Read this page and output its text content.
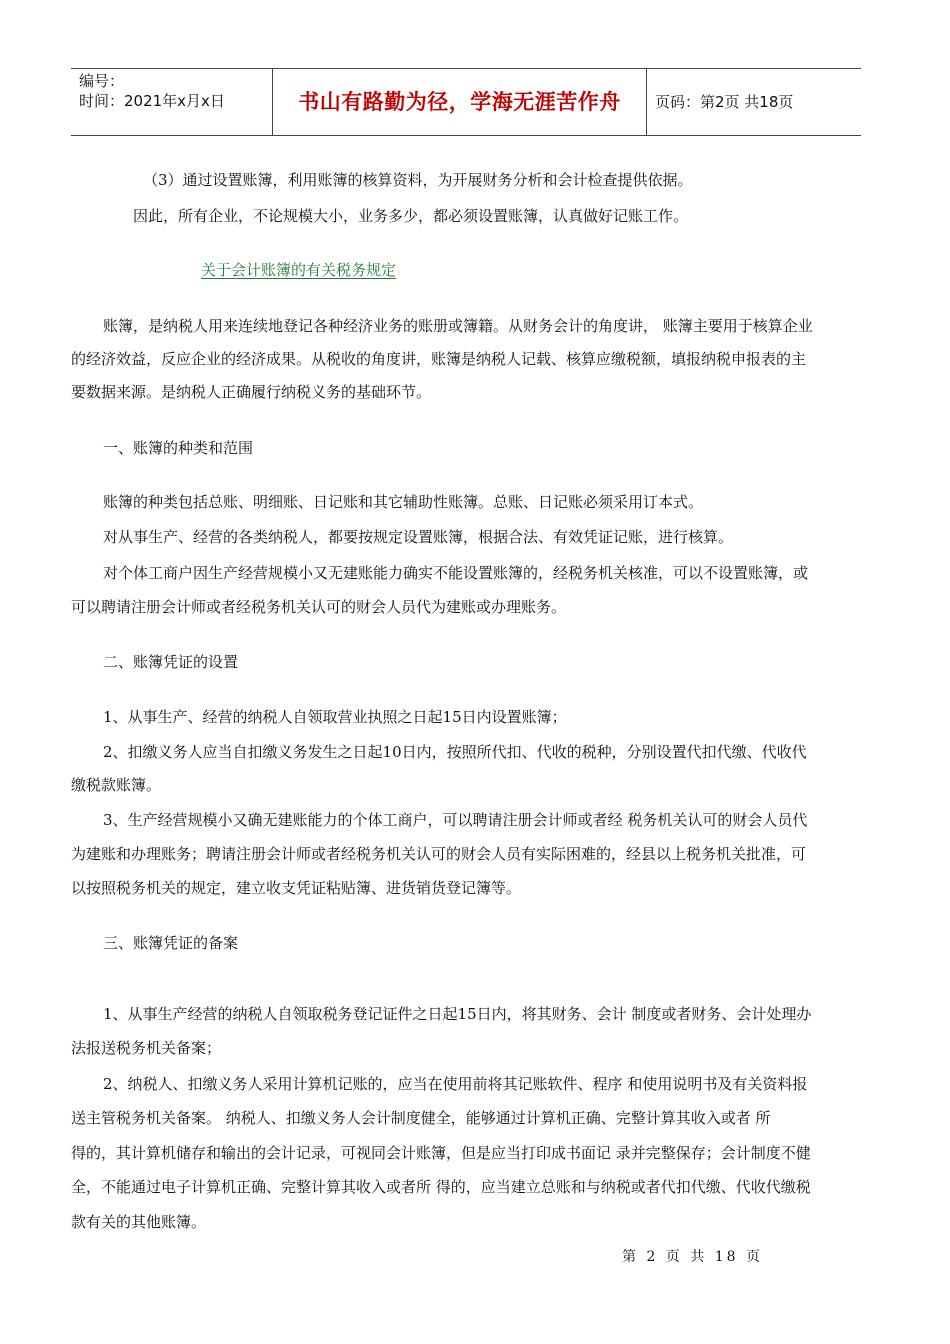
编号：
时间：2021年x月x日	书山有路勤为径，学海无涯苦作舟	页码：第2页 共18页
（3）通过设置账簿，利用账簿的核算资料，为开展财务分析和会计检查提供依据。
因此，所有企业，不论规模大小，业务多少，都必须设置账簿，认真做好记账工作。
关于会计账簿的有关税务规定
账簿，是纳税人用来连续地登记各种经济业务的账册或簿籍。从财务会计的角度讲， 账簿主要用于核算企业
的经济效益，反应企业的经济成果。从税收的角度讲，账簿是纳税人记载、核算应缴税额，填报纳税申报表的主
要数据来源。是纳税人正确履行纳税义务的基础环节。
一、账簿的种类和范围
账簿的种类包括总账、明细账、日记账和其它辅助性账簿。总账、日记账必须采用订本式。
对从事生产、经营的各类纳税人，都要按规定设置账簿，根据合法、有效凭证记账，进行核算。
对个体工商户因生产经营规模小又无建账能力确实不能设置账簿的，经税务机关核准，可以不设置账簿，或
可以聘请注册会计师或者经税务机关认可的财会人员代为建账或办理账务。
二、账簿凭证的设置
1、从事生产、经营的纳税人自领取营业执照之日起15日内设置账簿；
2、扣缴义务人应当自扣缴义务发生之日起10日内，按照所代扣、代收的税种，分别设置代扣代缴、代收代
缴税款账簿。
3、生产经营规模小又确无建账能力的个体工商户，可以聘请注册会计师或者经 税务机关认可的财会人员代
为建账和办理账务；聘请注册会计师或者经税务机关认可的财会人员有实际困难的，经县以上税务机关批准，可
以按照税务机关的规定，建立收支凭证粘贴簿、进货销货登记簿等。
三、账簿凭证的备案
1、从事生产经营的纳税人自领取税务登记证件之日起15日内，将其财务、会计 制度或者财务、会计处理办
法报送税务机关备案；
2、纳税人、扣缴义务人采用计算机记账的，应当在使用前将其记账软件、程序 和使用说明书及有关资料报
送主管税务机关备案。 纳税人、扣缴义务人会计制度健全，能够通过计算机正确、完整计算其收入或者 所
得的，其计算机储存和输出的会计记录，可视同会计账簿，但是应当打印成书面记 录并完整保存；会计制度不健
全，不能通过电子计算机正确、完整计算其收入或者所 得的，应当建立总账和与纳税或者代扣代缴、代收代缴税
款有关的其他账簿。
第 2 页 共 18 页
